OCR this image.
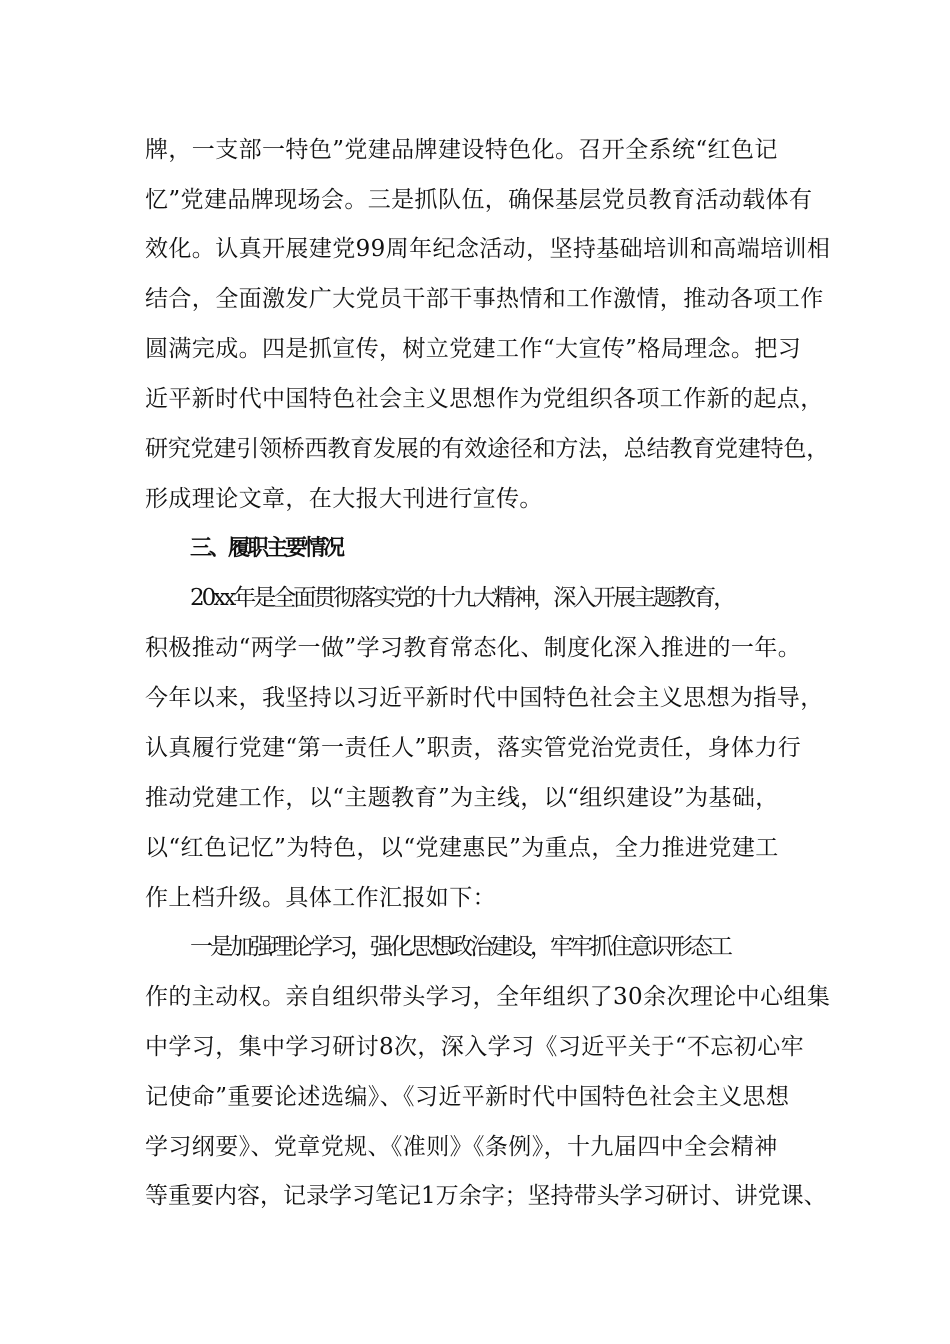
牌，一支部一特色”党建品牌建设特色化。召开全系统“红色记
忆”党建品牌现场会。三是抓队伍，确保基层党员教育活动载体有
效化。认真开展建党99周年纪念活动，坚持基础培训和高端培训相
结合，全面激发广大党员干部干事热情和工作激情，推动各项工作
圆满完成。四是抓宣传，树立党建工作“大宣传”格局理念。把习
近平新时代中国特色社会主义思想作为党组织各项工作新的起点，
研究党建引领桥西教育发展的有效途径和方法，总结教育党建特色，
形成理论文章，在大报大刊进行宣传。
三、履职主要情况
20xx年是全面贯彻落实党的十九大精神，深入开展主题教育，
积极推动“两学一做”学习教育常态化、制度化深入推进的一年。
今年以来，我坚持以习近平新时代中国特色社会主义思想为指导，
认真履行党建“第一责任人”职责，落实管党治党责任，身体力行
推动党建工作，以“主题教育”为主线，以“组织建设”为基础，
以“红色记忆”为特色，以“党建惠民”为重点，全力推进党建工
作上档升级。具体工作汇报如下：
一是加强理论学习，强化思想政治建设，牢牢抓住意识形态工
作的主动权。亲自组织带头学习，全年组织了30余次理论中心组集
中学习，集中学习研讨8次，深入学习《习近平关于“不忘初心牢
记使命”重要论述选编》、《习近平新时代中国特色社会主义思想
学习纲要》、党章党规、《准则》《条例》，十九届四中全会精神
等重要内容，记录学习笔记1万余字；坚持带头学习研讨、讲党课、
